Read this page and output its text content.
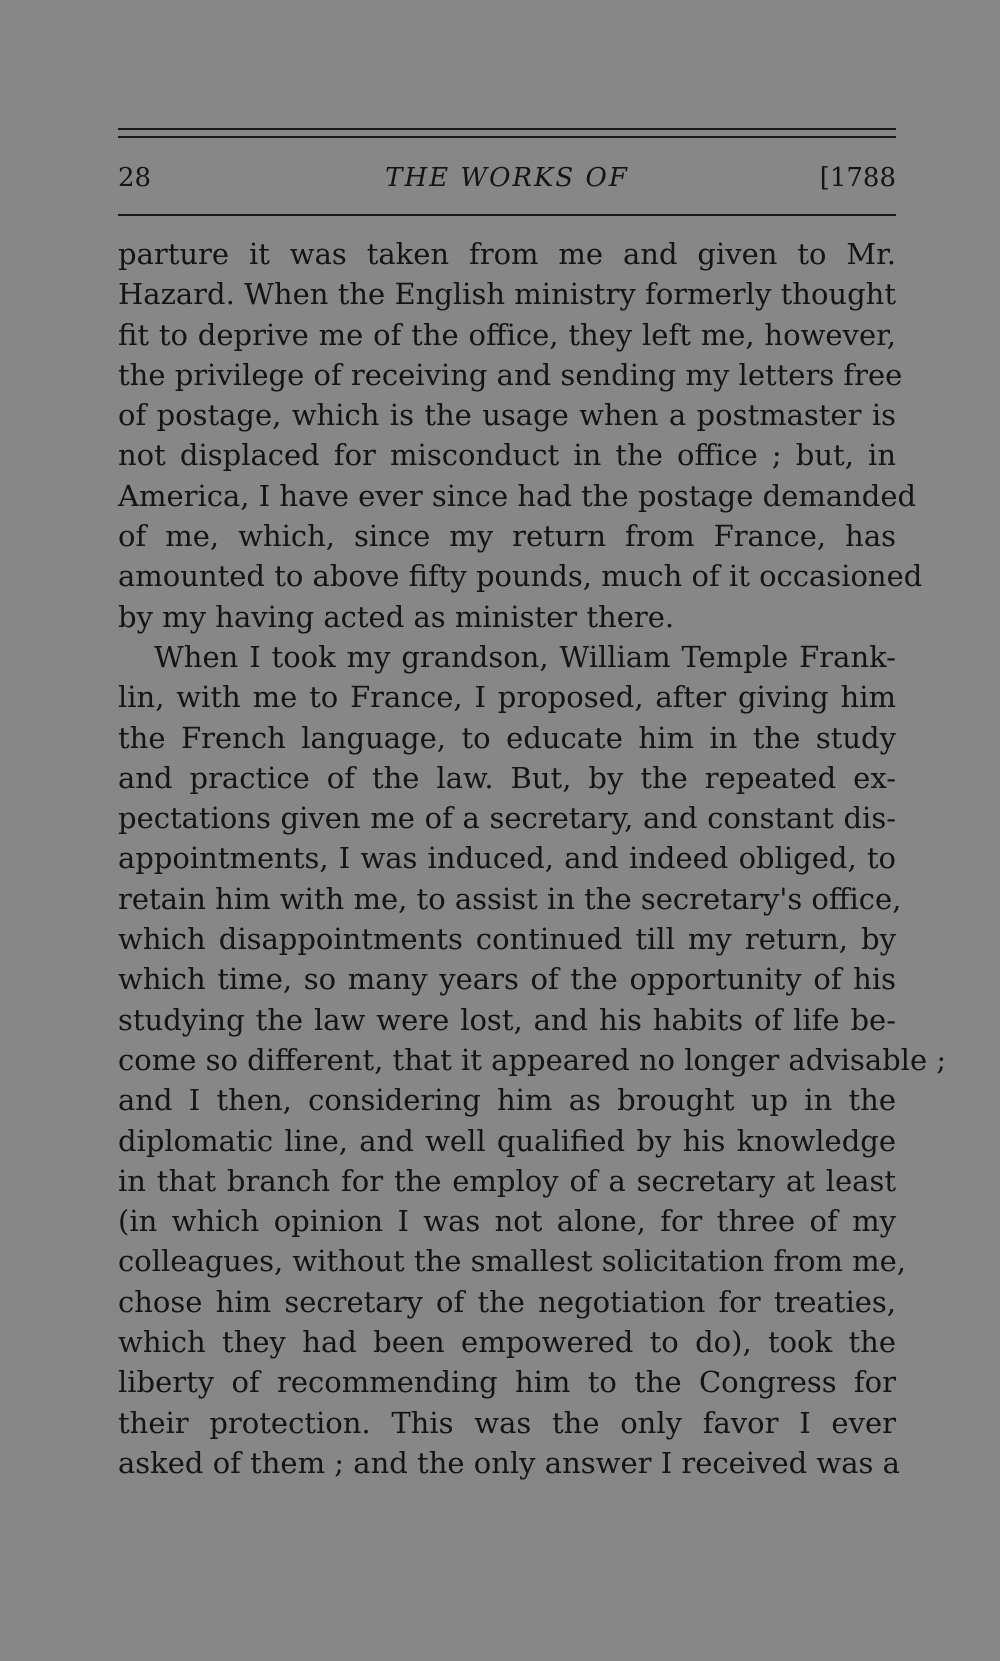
28	THE WORKS OF	[1788
parture it was taken from me and given to Mr.
Hazard. When the English ministry formerly thought
fit to deprive me of the office, they left me, however,
the privilege of receiving and sending my letters free
of postage, which is the usage when a postmaster is
not displaced for misconduct in the office ; but, in
America, I have ever since had the postage demanded
of me, which, since my return from France, has
amounted to above fifty pounds, much of it occasioned
by my having acted as minister there.
When I took my grandson, William Temple Frank-
lin, with me to France, I proposed, after giving him
the French language, to educate him in the study
and practice of the law. But, by the repeated ex-
pectations given me of a secretary, and constant dis-
appointments, I was induced, and indeed obliged, to
retain him with me, to assist in the secretary's office,
which disappointments continued till my return, by
which time, so many years of the opportunity of his
studying the law were lost, and his habits of life be-
come so different, that it appeared no longer advisable ;
and I then, considering him as brought up in the
diplomatic line, and well qualified by his knowledge
in that branch for the employ of a secretary at least
(in which opinion I was not alone, for three of my
colleagues, without the smallest solicitation from me,
chose him secretary of the negotiation for treaties,
which they had been empowered to do), took the
liberty of recommending him to the Congress for
their protection. This was the only favor I ever
asked of them ; and the only answer I received was a
